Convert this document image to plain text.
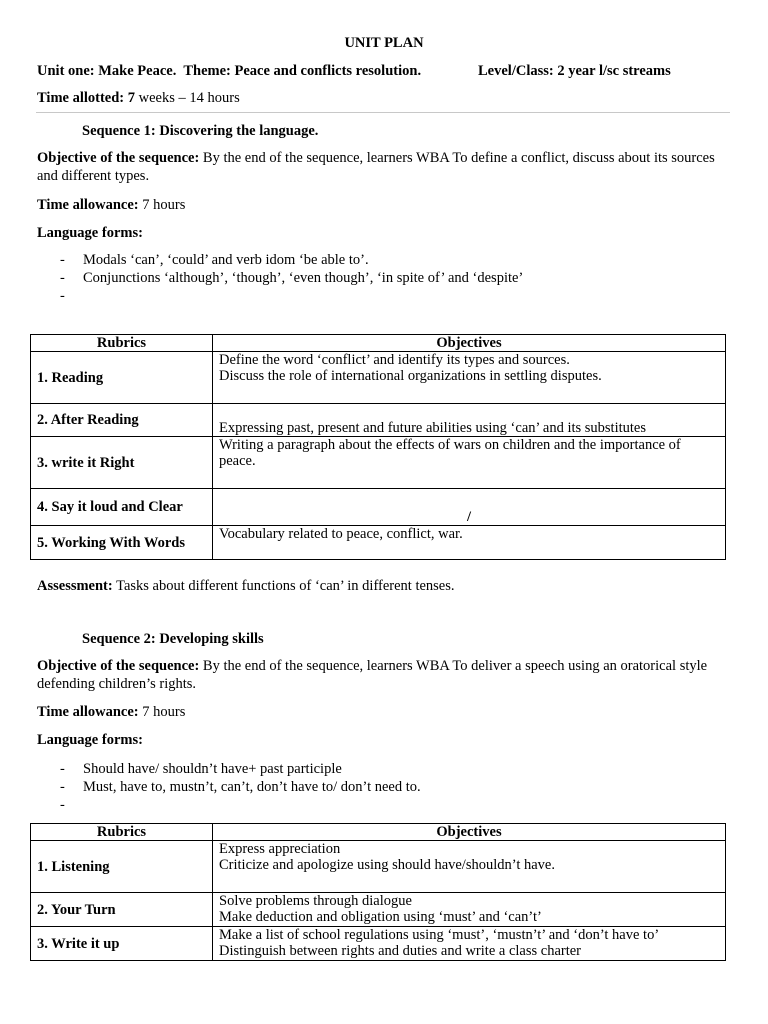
UNIT PLAN
Unit one: Make Peace. Theme: Peace and conflicts resolution.	Level/Class: 2 year l/sc streams
Time allotted: 7 weeks – 14 hours
Sequence 1: Discovering the language.
Objective of the sequence: By the end of the sequence, learners WBA To define a conflict, discuss about its sources and different types.
Time allowance: 7 hours
Language forms:
- Modals ‘can’, ‘could’ and verb idom ‘be able to’.
- Conjunctions ‘although’, ‘though’, ‘even though’, ‘in spite of’ and ‘despite’
-
Rubrics	Objectives
1. Reading	Define the word ‘conflict’ and identify its types and sources.
Discuss the role of international organizations in settling disputes.

2. After Reading	Expressing past, present and future abilities using ‘can’ and its substitutes

3. write it Right	Writing a paragraph about the effects of wars on children and the importance of peace.

4. Say it loud and Clear	/

5. Working With Words	Vocabulary related to peace, conflict, war.
Assessment: Tasks about different functions of ‘can’ in different tenses.
Sequence 2: Developing skills
Objective of the sequence: By the end of the sequence, learners WBA To deliver a speech using an oratorical style defending children’s rights.
Time allowance: 7 hours
Language forms:
- Should have/ shouldn’t have+ past participle
- Must, have to, mustn’t, can’t, don’t have to/ don’t need to.
-
Rubrics	Objectives
1. Listening	Express appreciation
Criticize and apologize using should have/shouldn’t have.

2. Your Turn	Solve problems through dialogue
Make deduction and obligation using ‘must’ and ‘can’t’

3. Write it up	Make a list of school regulations using ‘must’, ‘mustn’t’ and ‘don’t have to’
Distinguish between rights and duties and write a class charter
